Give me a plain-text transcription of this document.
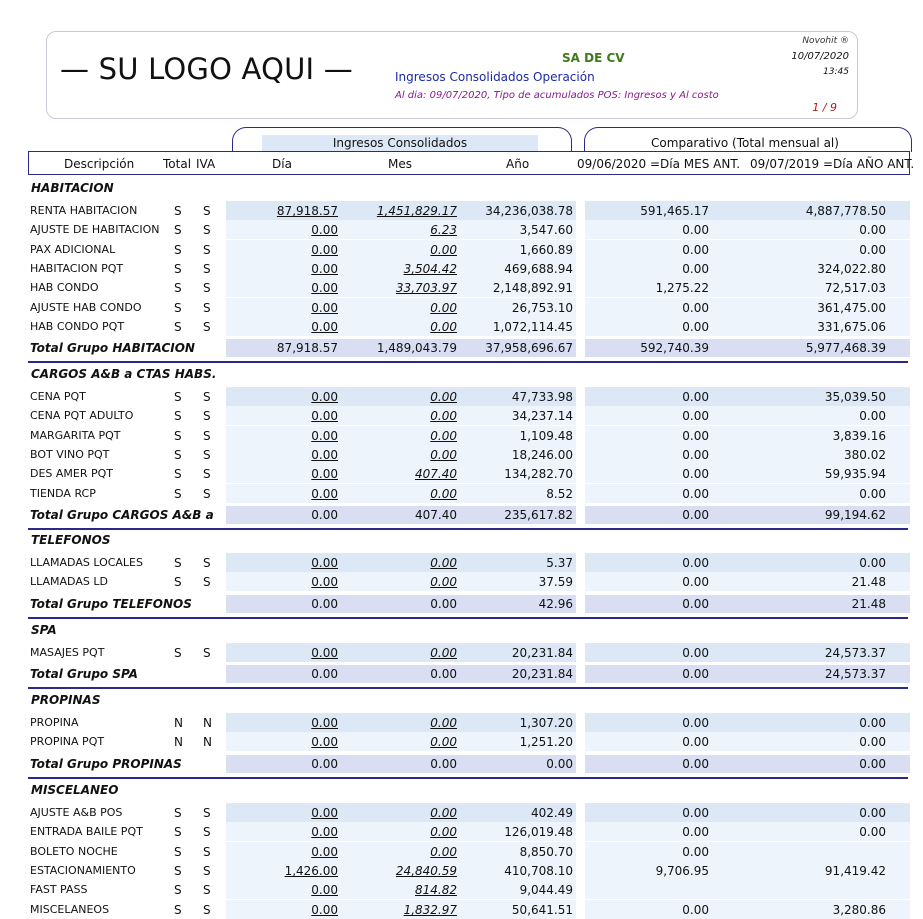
— SU LOGO AQUI —	SA DE CV
Ingresos Consolidados Operación
Al dia: 09/07/2020, Tipo de acumulados POS: Ingresos y Al costo
Novohit ®
10/07/2020
13:45
1 / 9
Ingresos Consolidados	Comparativo (Total mensual al)
Descripción Total IVA	Día	Mes	Año	09/06/2020 =Día MES ANT. 09/07/2019 =Día AÑO ANT.
HABITACION
RENTA HABITACION	S S	87,918.57	1,451,829.17 34,236,038.78	591,465.17	4,887,778.50
AJUSTE DE HABITACION S S	0.00	6.23	3,547.60	0.00	0.00
PAX ADICIONAL	S S	0.00	0.00	1,660.89	0.00	0.00
HABITACION PQT	S S	0.00	3,504.42	469,688.94	0.00	324,022.80
HAB CONDO	S S	0.00	33,703.97	2,148,892.91	1,275.22	72,517.03
AJUSTE HAB CONDO	S S	0.00	0.00	26,753.10	0.00	361,475.00
HAB CONDO PQT	S S	0.00	0.00	1,072,114.45	0.00	331,675.06
Total Grupo HABITACION	87,918.57	1,489,043.79 37,958,696.67	592,740.39	5,977,468.39
CARGOS A&B a CTAS HABS.
CENA PQT	S S	0.00	0.00	47,733.98	0.00	35,039.50
CENA PQT ADULTO	S S	0.00	0.00	34,237.14	0.00	0.00
MARGARITA PQT	S S	0.00	0.00	1,109.48	0.00	3,839.16
BOT VINO PQT	S S	0.00	0.00	18,246.00	0.00	380.02
DES AMER PQT	S S	0.00	407.40	134,282.70	0.00	59,935.94
TIENDA RCP	S S	0.00	0.00	8.52	0.00	0.00
Total Grupo CARGOS A&B a	0.00	407.40	235,617.82	0.00	99,194.62
TELEFONOS
LLAMADAS LOCALES	S S	0.00	0.00	5.37	0.00	0.00
LLAMADAS LD	S S	0.00	0.00	37.59	0.00	21.48
Total Grupo TELEFONOS	0.00	0.00	42.96	0.00	21.48
SPA
MASAJES PQT	S S	0.00	0.00	20,231.84	0.00	24,573.37
Total Grupo SPA	0.00	0.00	20,231.84	0.00	24,573.37
PROPINAS
PROPINA	N N	0.00	0.00	1,307.20	0.00	0.00
PROPINA PQT	N N	0.00	0.00	1,251.20	0.00	0.00
Total Grupo PROPINAS	0.00	0.00	0.00	0.00	0.00
MISCELANEO
AJUSTE A&B POS	S S	0.00	0.00	402.49	0.00	0.00
ENTRADA BAILE PQT	S S	0.00	0.00	126,019.48	0.00	0.00
BOLETO NOCHE	S S	0.00	0.00	8,850.70	0.00
ESTACIONAMIENTO	S S	1,426.00	24,840.59	410,708.10	9,706.95	91,419.42
FAST PASS	S S	0.00	814.82	9,044.49
MISCELANEOS	S S	0.00	1,832.97	50,641.51	0.00	3,280.86
